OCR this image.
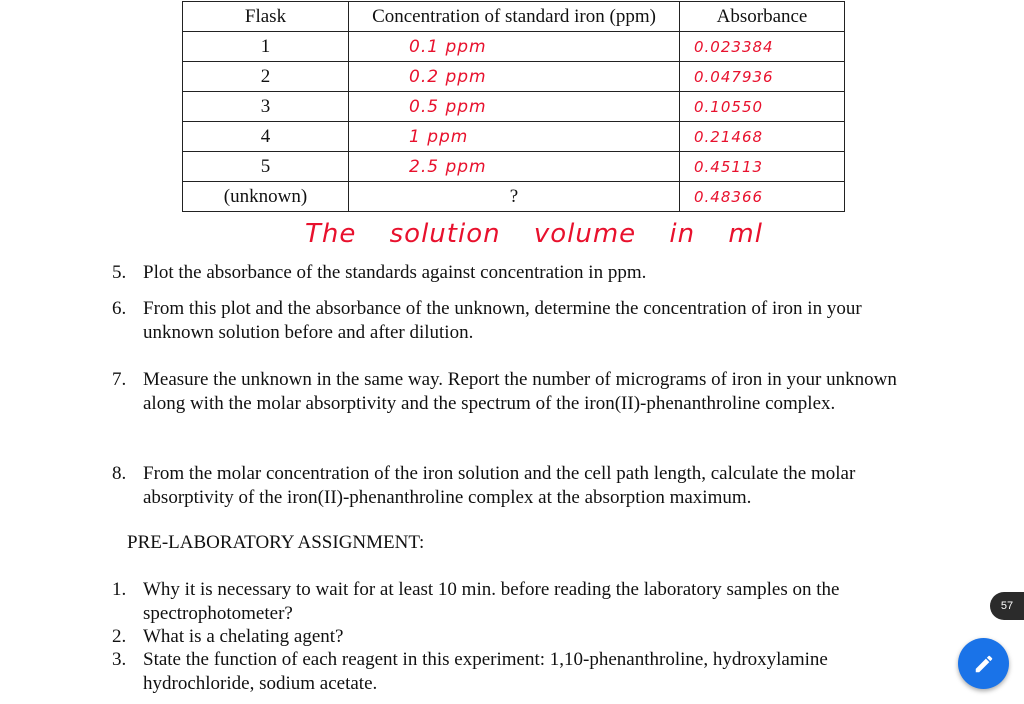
Flask	Concentration of standard iron (ppm)	Absorbance
1	0.1 ppm	0.023384
2	0.2 ppm	0.047936
3	0.5 ppm	0.10550
4	1 ppm	0.21468
5	2.5 ppm	0.45113
(unknown)	?	0.48366
The solution volume in ml
5. Plot the absorbance of the standards against concentration in ppm.
6. From this plot and the absorbance of the unknown, determine the concentration of iron in your unknown solution before and after dilution.
7. Measure the unknown in the same way. Report the number of micrograms of iron in your unknown along with the molar absorptivity and the spectrum of the iron(II)-phenanthroline complex.
8. From the molar concentration of the iron solution and the cell path length, calculate the molar absorptivity of the iron(II)-phenanthroline complex at the absorption maximum.
PRE-LABORATORY ASSIGNMENT:
1. Why it is necessary to wait for at least 10 min. before reading the laboratory samples on the spectrophotometer?
2. What is a chelating agent?
3. State the function of each reagent in this experiment: 1,10-phenanthroline, hydroxylamine hydrochloride, sodium acetate.
57
